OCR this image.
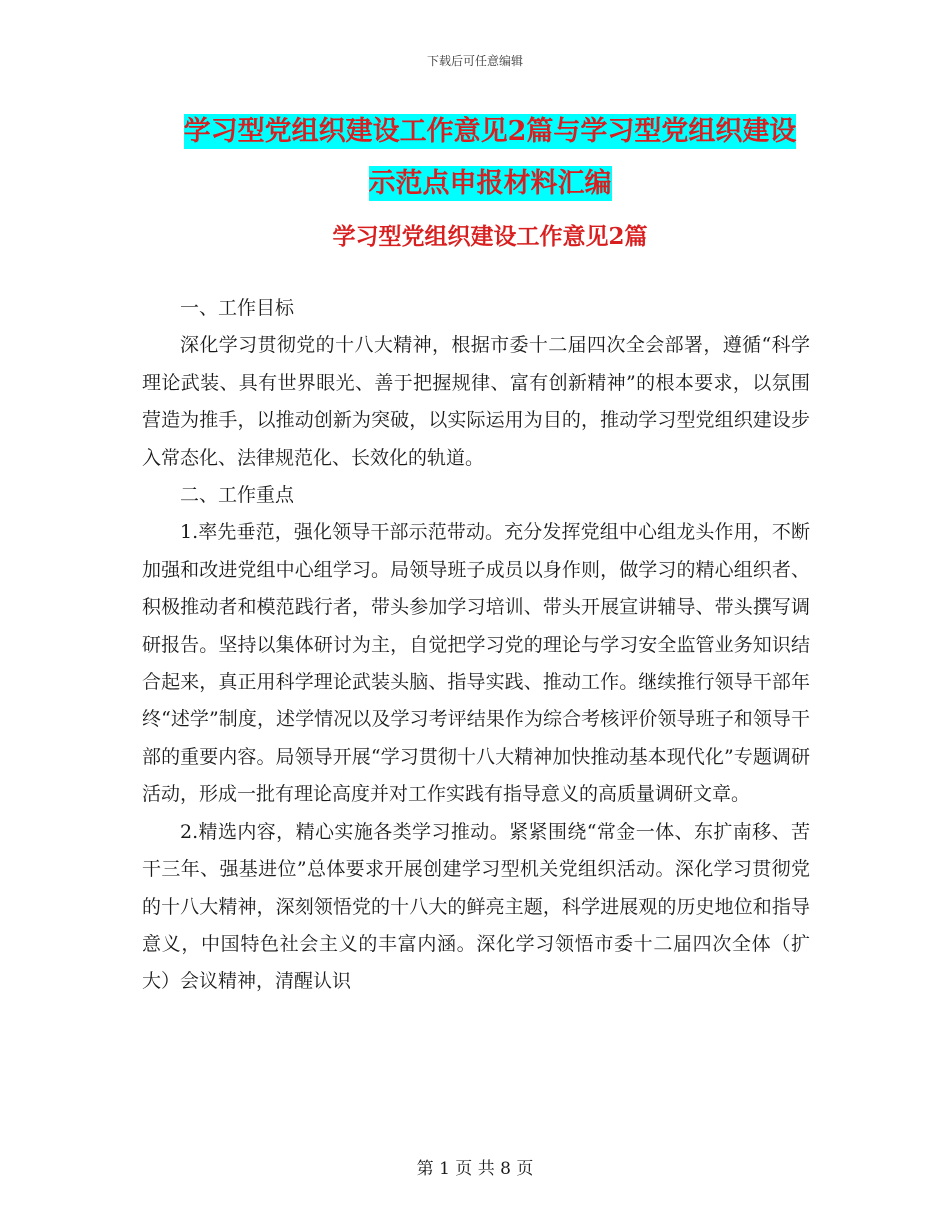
下载后可任意编辑
学习型党组织建设工作意见2篇与学习型党组织建设
示范点申报材料汇编
学习型党组织建设工作意见2篇

一、工作目标

深化学习贯彻党的十八大精神，根据市委十二届四次全会部署，遵循“科学理论武装、具有世界眼光、善于把握规律、富有创新精神”的根本要求，以氛围营造为推手，以推动创新为突破，以实际运用为目的，推动学习型党组织建设步入常态化、法律规范化、长效化的轨道。

二、工作重点

1.率先垂范，强化领导干部示范带动。充分发挥党组中心组龙头作用，不断加强和改进党组中心组学习。局领导班子成员以身作则，做学习的精心组织者、积极推动者和模范践行者，带头参加学习培训、带头开展宣讲辅导、带头撰写调研报告。坚持以集体研讨为主，自觉把学习党的理论与学习安全监管业务知识结合起来，真正用科学理论武装头脑、指导实践、推动工作。继续推行领导干部年终“述学”制度，述学情况以及学习考评结果作为综合考核评价领导班子和领导干部的重要内容。局领导开展“学习贯彻十八大精神加快推动基本现代化”专题调研活动，形成一批有理论高度并对工作实践有指导意义的高质量调研文章。

2.精选内容，精心实施各类学习推动。紧紧围绕“常金一体、东扩南移、苦干三年、强基进位”总体要求开展创建学习型机关党组织活动。深化学习贯彻党的十八大精神，深刻领悟党的十八大的鲜亮主题，科学进展观的历史地位和指导意义，中国特色社会主义的丰富内涵。深化学习领悟市委十二届四次全体（扩大）会议精神，清醒认识

第 1 页 共 8 页
